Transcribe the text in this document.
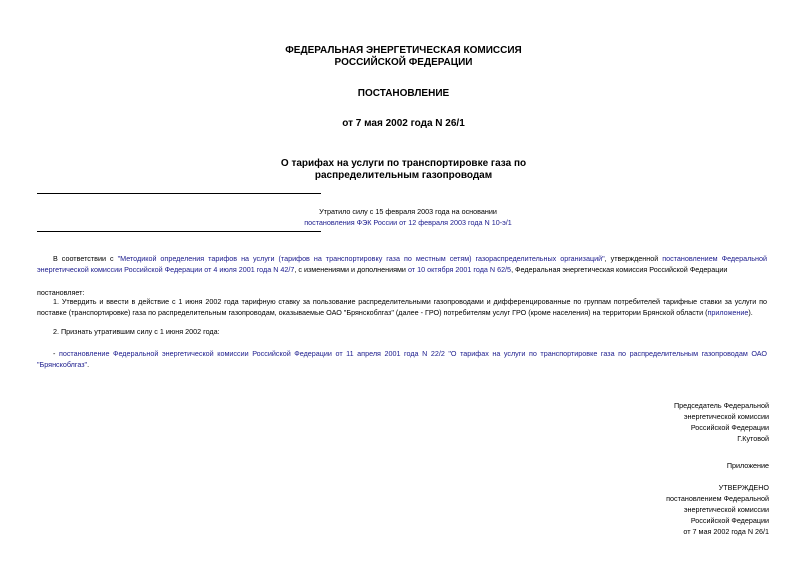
ФЕДЕРАЛЬНАЯ ЭНЕРГЕТИЧЕСКАЯ КОМИССИЯ
РОССИЙСКОЙ ФЕДЕРАЦИИ
ПОСТАНОВЛЕНИЕ
от 7 мая 2002 года N 26/1
О тарифах на услуги по транспортировке газа по
распределительным газопроводам
Утратило силу с 15 февраля 2003 года на основании
постановления ФЭК России от 12 февраля 2003 года N 10-э/1
В соответствии с "Методикой определения тарифов на услуги (тарифов на транспортировку газа по местным сетям) газораспределительных организаций", утвержденной постановлением Федеральной энергетической комиссии Российской Федерации от 4 июля 2001 года N 42/7, с изменениями и дополнениями от 10 октября 2001 года N 62/5, Федеральная энергетическая комиссия Российской Федерации
постановляет:
1. Утвердить и ввести в действие с 1 июня 2002 года тарифную ставку за пользование распределительными газопроводами и дифференцированные по группам потребителей тарифные ставки за услуги по поставке (транспортировке) газа по распределительным газопроводам, оказываемые ОАО "Брянскоблгаз" (далее - ГРО) потребителям услуг ГРО (кроме населения) на территории Брянской области (приложение).
2. Признать утратившим силу с 1 июня 2002 года:
- постановление Федеральной энергетической комиссии Российской Федерации от 11 апреля 2001 года N 22/2 "О тарифах на услуги по транспортировке газа по распределительным газопроводам ОАО "Брянскоблгаз".
Председатель Федеральной
энергетической комиссии
Российской Федерации
Г.Кутовой
Приложение
УТВЕРЖДЕНО
постановлением Федеральной
энергетической комиссии
Российской Федерации
от 7 мая 2002 года N 26/1
